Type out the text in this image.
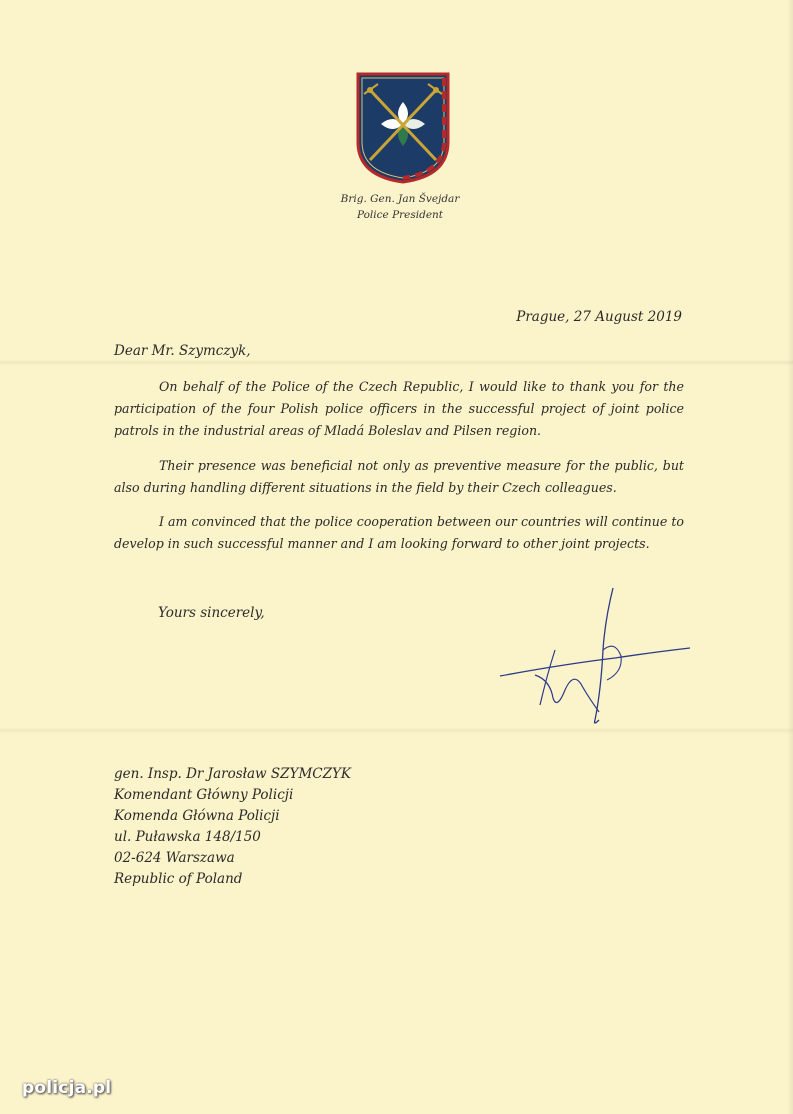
Brig. Gen. Jan Švejdar
Police President
Prague, 27 August 2019
Dear Mr. Szymczyk,

On behalf of the Police of the Czech Republic, I would like to thank you for the participation of the four Polish police officers in the successful project of joint police patrols in the industrial areas of Mladá Boleslav and Pilsen region.

Their presence was beneficial not only as preventive measure for the public, but also during handling different situations in the field by their Czech colleagues.

I am convinced that the police cooperation between our countries will continue to develop in such successful manner and I am looking forward to other joint projects.

Yours sincerely,
gen. Insp. Dr Jarosław SZYMCZYK
Komendant Główny Policji
Komenda Główna Policji
ul. Puławska 148/150
02-624 Warszawa
Republic of Poland
policja.pl
